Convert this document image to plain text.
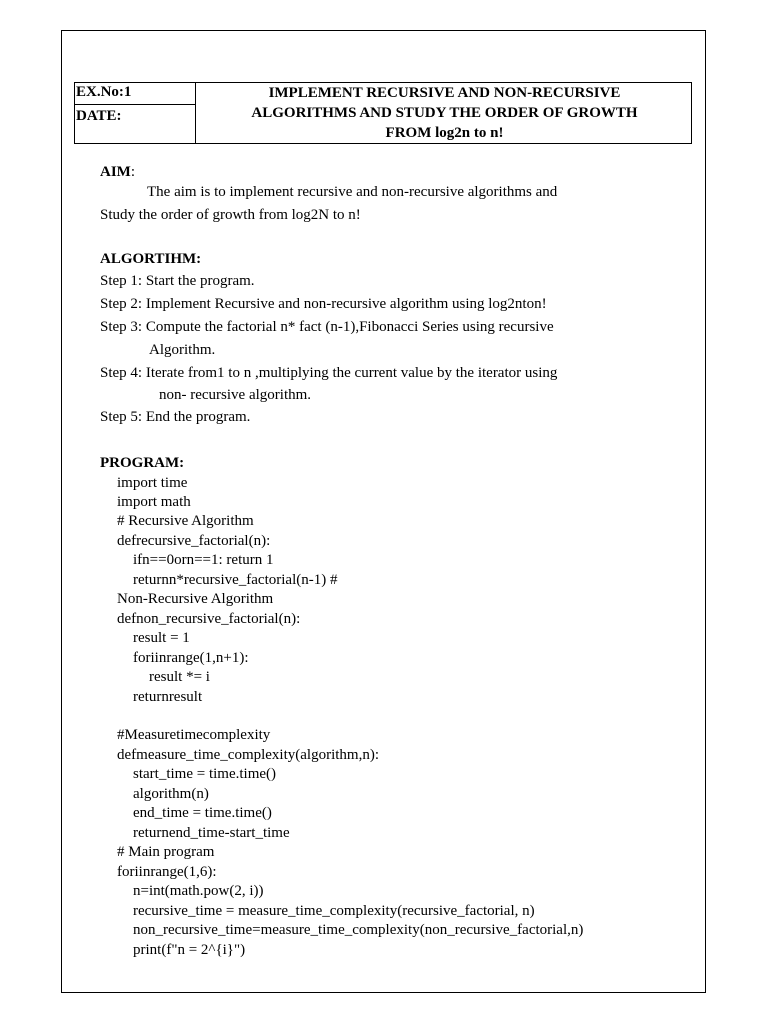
EX.No:1
DATE:
IMPLEMENT RECURSIVE AND NON-RECURSIVE
ALGORITHMS AND STUDY THE ORDER OF GROWTH
FROM log2n to n!
AIM:
The aim is to implement recursive and non-recursive algorithms and
Study the order of growth from log2N to n!
ALGORTIHM:
Step 1: Start the program.
Step 2: Implement Recursive and non-recursive algorithm using log2nton!
Step 3: Compute the factorial n* fact (n-1),Fibonacci Series using recursive
Algorithm.
Step 4: Iterate from1 to n ,multiplying the current value by the iterator using
non- recursive algorithm.
Step 5: End the program.
PROGRAM:
import time
import math
# Recursive Algorithm
defrecursive_factorial(n):
ifn==0orn==1: return 1
returnn*recursive_factorial(n-1) #
Non-Recursive Algorithm
defnon_recursive_factorial(n):
result = 1
foriinrange(1,n+1):
result *= i
returnresult
#Measuretimecomplexity
defmeasure_time_complexity(algorithm,n):
start_time = time.time()
algorithm(n)
end_time = time.time()
returnend_time-start_time
# Main program
foriinrange(1,6):
n=int(math.pow(2, i))
recursive_time = measure_time_complexity(recursive_factorial, n)
non_recursive_time=measure_time_complexity(non_recursive_factorial,n)
print(f"n = 2^{i}")
